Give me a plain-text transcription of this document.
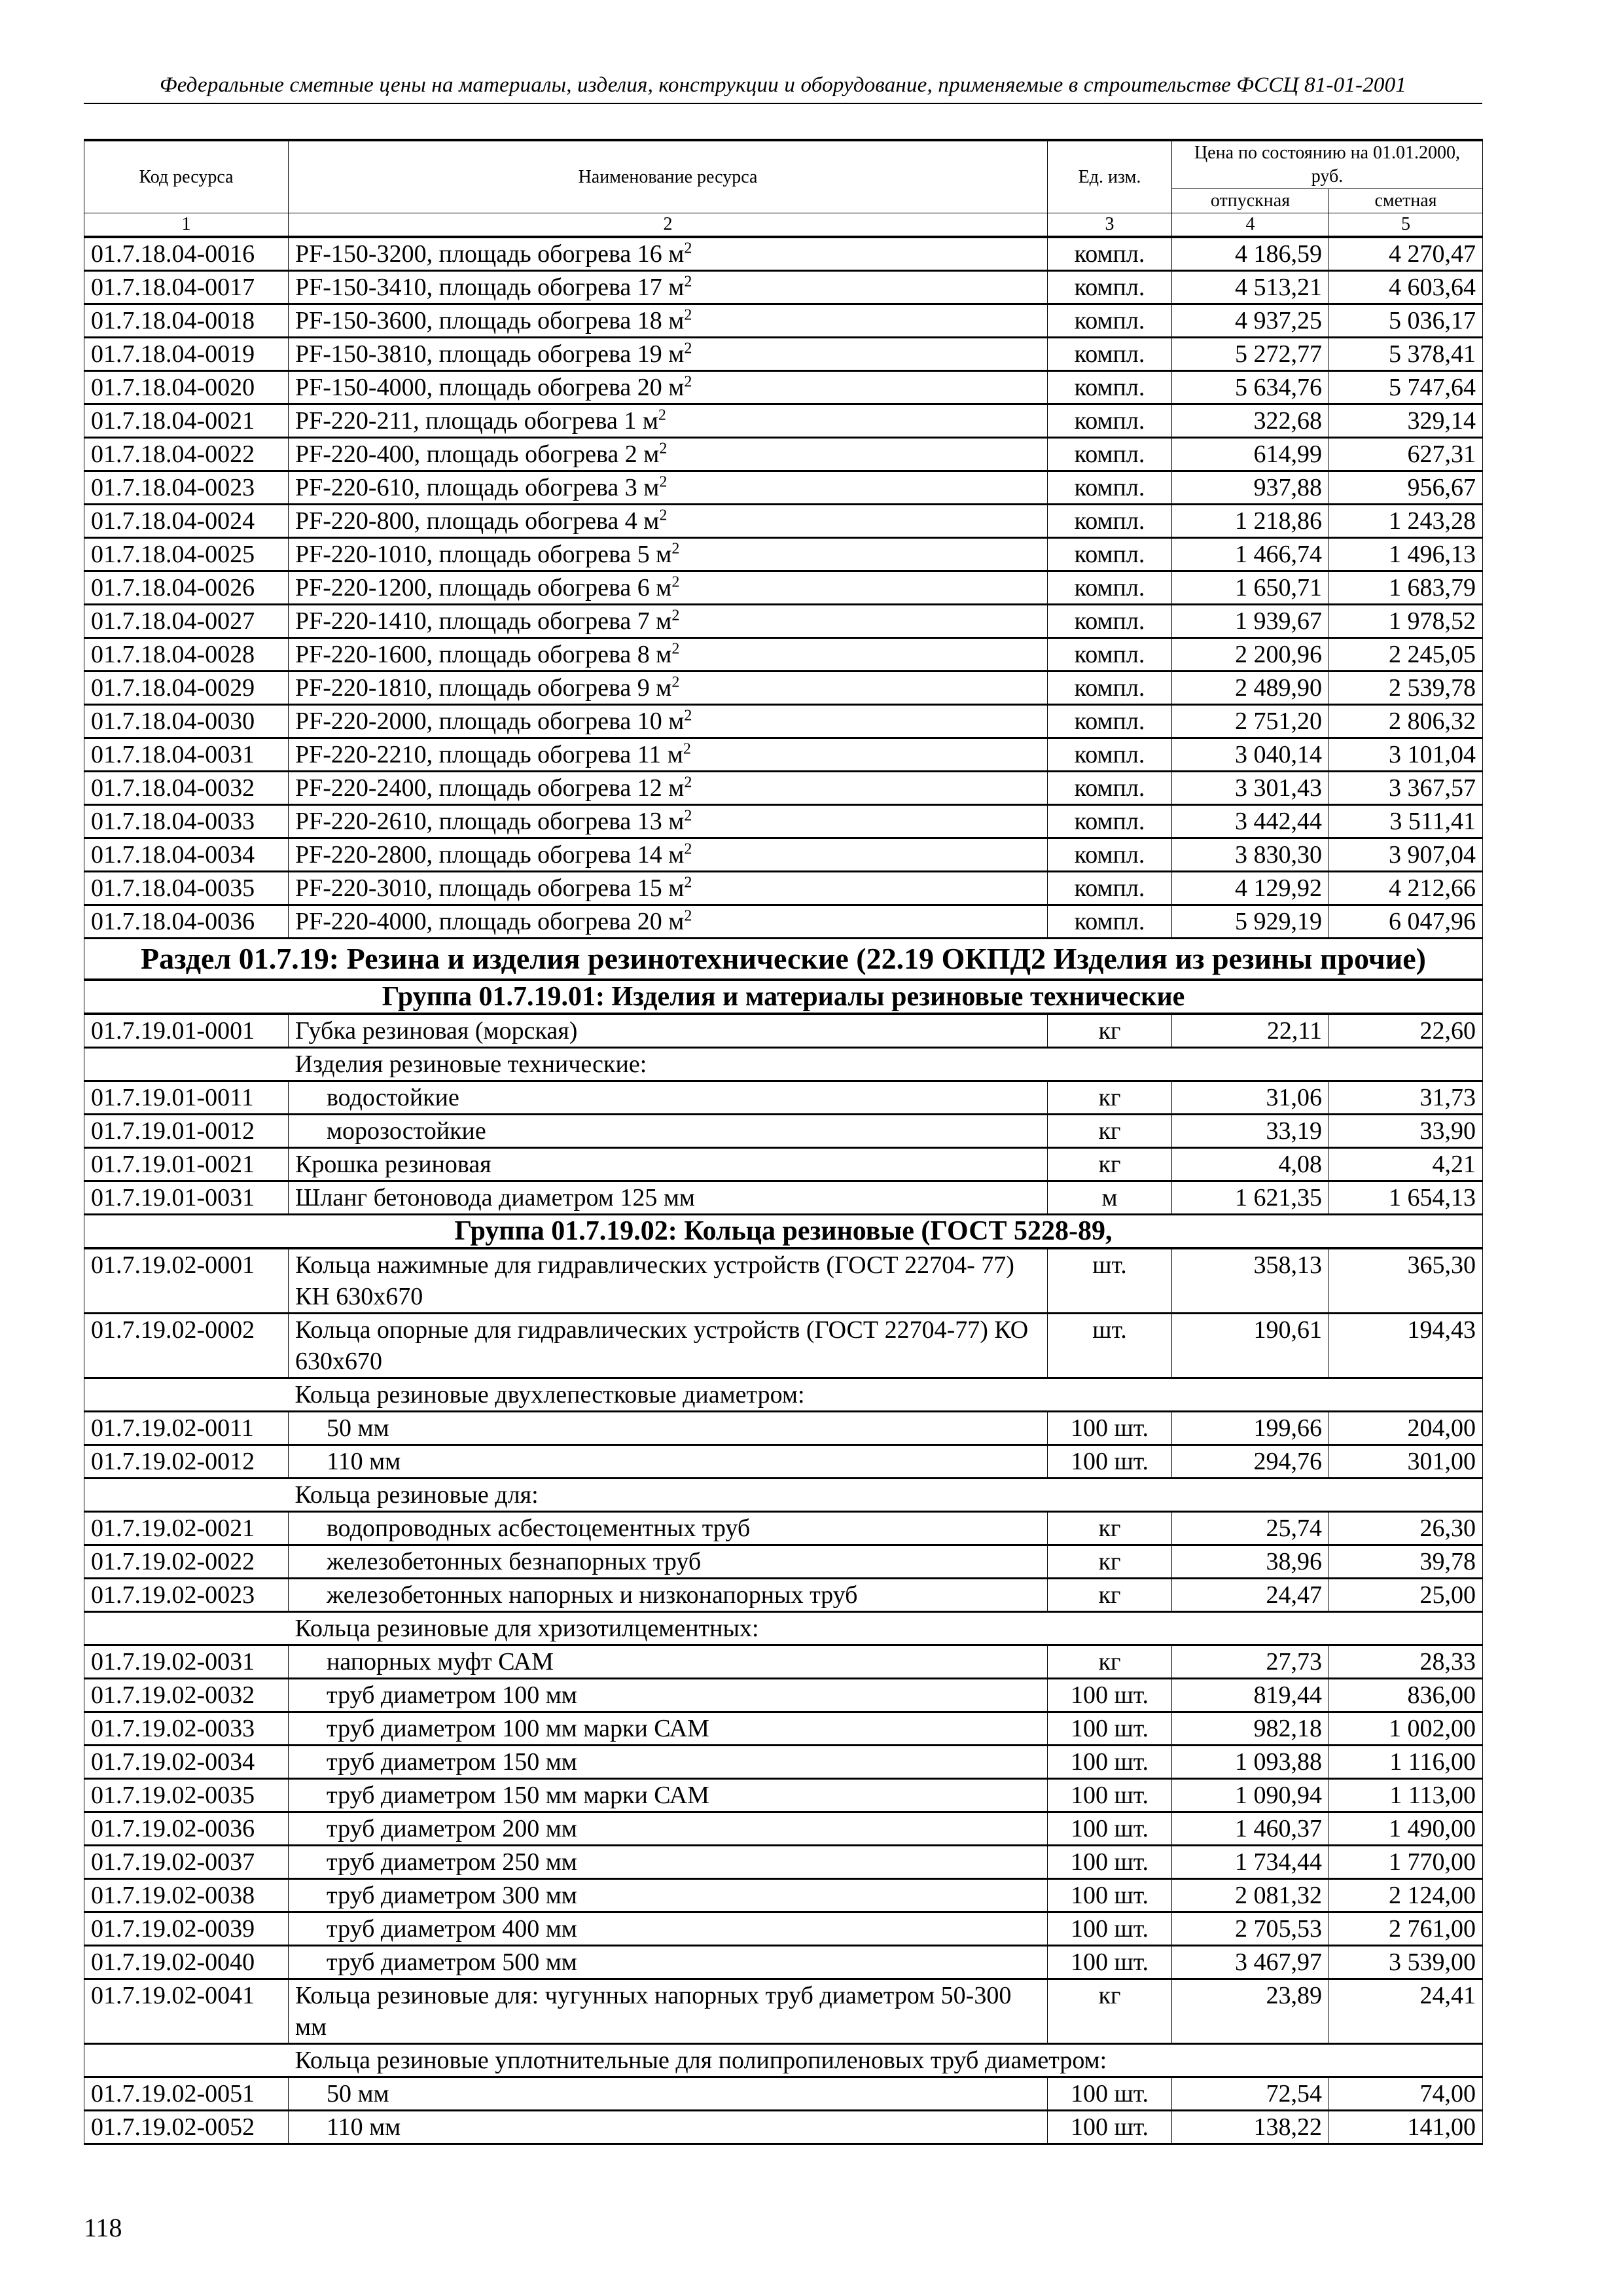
Федеральные сметные цены на материалы, изделия, конструкции и оборудование, применяемые в строительстве ФССЦ 81-01-2001
Код ресурса	Наименование ресурса	Ед. изм.	Цена по состоянию на 01.01.2000, руб.	
			отпускная	сметная
1	2	3	4	5
01.7.18.04-0016	PF-150-3200, площадь обогрева 16 $м^2$	компл.	4 186,59	4 270,47
01.7.18.04-0017	PF-150-3410, площадь обогрева 17 $м^2$	компл.	4 513,21	4 603,64
01.7.18.04-0018	PF-150-3600, площадь обогрева 18 $м^2$	компл.	4 937,25	5 036,17
01.7.18.04-0019	PF-150-3810, площадь обогрева 19 $м^2$	компл.	5 272,77	5 378,41
01.7.18.04-0020	PF-150-4000, площадь обогрева 20 $м^2$	компл.	5 634,76	5 747,64
01.7.18.04-0021	PF-220-211, площадь обогрева 1 $м^2$	компл.	322,68	329,14
01.7.18.04-0022	PF-220-400, площадь обогрева 2 $м^2$	компл.	614,99	627,31
01.7.18.04-0023	PF-220-610, площадь обогрева 3 $м^2$	компл.	937,88	956,67
01.7.18.04-0024	PF-220-800, площадь обогрева 4 $м^2$	компл.	1 218,86	1 243,28
01.7.18.04-0025	PF-220-1010, площадь обогрева 5 $м^2$	компл.	1 466,74	1 496,13
01.7.18.04-0026	PF-220-1200, площадь обогрева 6 $м^2$	компл.	1 650,71	1 683,79
01.7.18.04-0027	PF-220-1410, площадь обогрева 7 $м^2$	компл.	1 939,67	1 978,52
01.7.18.04-0028	PF-220-1600, площадь обогрева 8 $м^2$	компл.	2 200,96	2 245,05
01.7.18.04-0029	PF-220-1810, площадь обогрева 9 $м^2$	компл.	2 489,90	2 539,78
01.7.18.04-0030	PF-220-2000, площадь обогрева 10 $м^2$	компл.	2 751,20	2 806,32
01.7.18.04-0031	PF-220-2210, площадь обогрева 11 $м^2$	компл.	3 040,14	3 101,04
01.7.18.04-0032	PF-220-2400, площадь обогрева 12 $м^2$	компл.	3 301,43	3 367,57
01.7.18.04-0033	PF-220-2610, площадь обогрева 13 $м^2$	компл.	3 442,44	3 511,41
01.7.18.04-0034	PF-220-2800, площадь обогрева 14 $м^2$	компл.	3 830,30	3 907,04
01.7.18.04-0035	PF-220-3010, площадь обогрева 15 $м^2$	компл.	4 129,92	4 212,66
01.7.18.04-0036	PF-220-4000, площадь обогрева 20 $м^2$	компл.	5 929,19	6 047,96
Раздел 01.7.19: Резина и изделия резинотехнические (22.19 ОКПД2 Изделия из резины прочие)				
Группа 01.7.19.01: Изделия и материалы резиновые технические				
01.7.19.01-0001	Губка резиновая (морская)	кг	22,11	22,60
	Изделия резиновые технические:			
01.7.19.01-0011	водостойкие	кг	31,06	31,73
01.7.19.01-0012	морозостойкие	кг	33,19	33,90
01.7.19.01-0021	Крошка резиновая	кг	4,08	4,21
01.7.19.01-0031	Шланг бетоновода диаметром 125 мм	м	1 621,35	1 654,13
Группа 01.7.19.02: Кольца резиновые (ГОСТ 5228-89,				
01.7.19.02-0001	Кольца нажимные для гидравлических устройств (ГОСТ 22704- 77) КН 630х670	шт.	358,13	365,30
01.7.19.02-0002	Кольца опорные для гидравлических устройств (ГОСТ 22704-77) КО 630х670	шт.	190,61	194,43
	Кольца резиновые двухлепестковые диаметром:			
01.7.19.02-0011	50 мм	100 шт.	199,66	204,00
01.7.19.02-0012	110 мм	100 шт.	294,76	301,00
	Кольца резиновые для:			
01.7.19.02-0021	водопроводных асбестоцементных труб	кг	25,74	26,30
01.7.19.02-0022	железобетонных безнапорных труб	кг	38,96	39,78
01.7.19.02-0023	железобетонных напорных и низконапорных труб	кг	24,47	25,00
	Кольца резиновые для хризотилцементных:			
01.7.19.02-0031	напорных муфт САМ	кг	27,73	28,33
01.7.19.02-0032	труб диаметром 100 мм	100 шт.	819,44	836,00
01.7.19.02-0033	труб диаметром 100 мм марки САМ	100 шт.	982,18	1 002,00
01.7.19.02-0034	труб диаметром 150 мм	100 шт.	1 093,88	1 116,00
01.7.19.02-0035	труб диаметром 150 мм марки САМ	100 шт.	1 090,94	1 113,00
01.7.19.02-0036	труб диаметром 200 мм	100 шт.	1 460,37	1 490,00
01.7.19.02-0037	труб диаметром 250 мм	100 шт.	1 734,44	1 770,00
01.7.19.02-0038	труб диаметром 300 мм	100 шт.	2 081,32	2 124,00
01.7.19.02-0039	труб диаметром 400 мм	100 шт.	2 705,53	2 761,00
01.7.19.02-0040	труб диаметром 500 мм	100 шт.	3 467,97	3 539,00
01.7.19.02-0041	Кольца резиновые для: чугунных напорных труб диаметром 50-300 мм	кг	23,89	24,41
	Кольца резиновые уплотнительные для полипропиленовых труб диаметром:			
01.7.19.02-0051	50 мм	100 шт.	72,54	74,00
01.7.19.02-0052	110 мм	100 шт.	138,22	141,00
118
